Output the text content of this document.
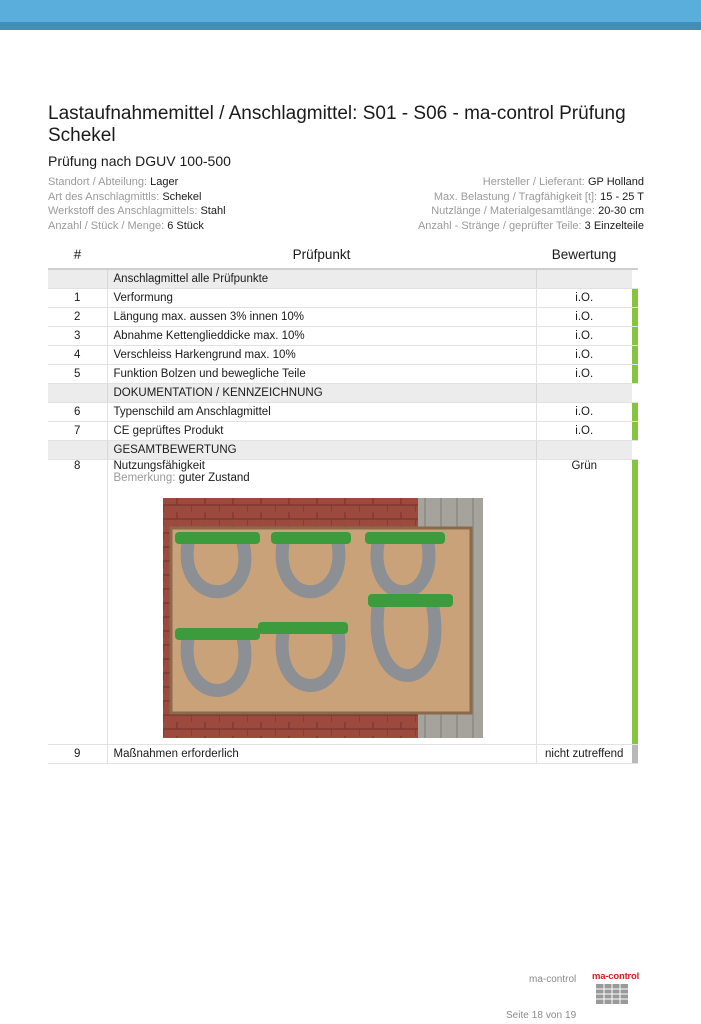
Lastaufnahmemittel / Anschlagmittel: S01 - S06 - ma-control Prüfung Schekel
Prüfung nach DGUV 100-500
Standort / Abteilung: Lager
Art des Anschlagmittls: Schekel
Werkstoff des Anschlagmittels: Stahl
Anzahl / Stück / Menge: 6 Stück
Hersteller / Lieferant: GP Holland
Max. Belastung / Tragfähigkeit [t]: 15 - 25 T
Nutzlänge / Materialgesamtlänge: 20-30 cm
Anzahl - Stränge / geprüfter Teile: 3 Einzelteile
#	Prüfpunkt	Bewertung	
	Anschlagmittel alle Prüfpunkte		
1	Verformung	i.O.	
2	Längung max. aussen 3% innen 10%	i.O.	
3	Abnahme Kettenglieddicke max. 10%	i.O.	
4	Verschleiss Harkengrund max. 10%	i.O.	
5	Funktion Bolzen und bewegliche Teile	i.O.	
	DOKUMENTATION / KENNZEICHNUNG		
6	Typenschild am Anschlagmittel	i.O.	
7	CE geprüftes Produkt	i.O.	
	GESAMTBEWERTUNG		
8	Nutzungsfähigkeit
Bemerkung: guter Zustand	Grün	
9	Maßnahmen erforderlich	nicht zutreffend	
ma-control ma-control
Seite 18 von 19
